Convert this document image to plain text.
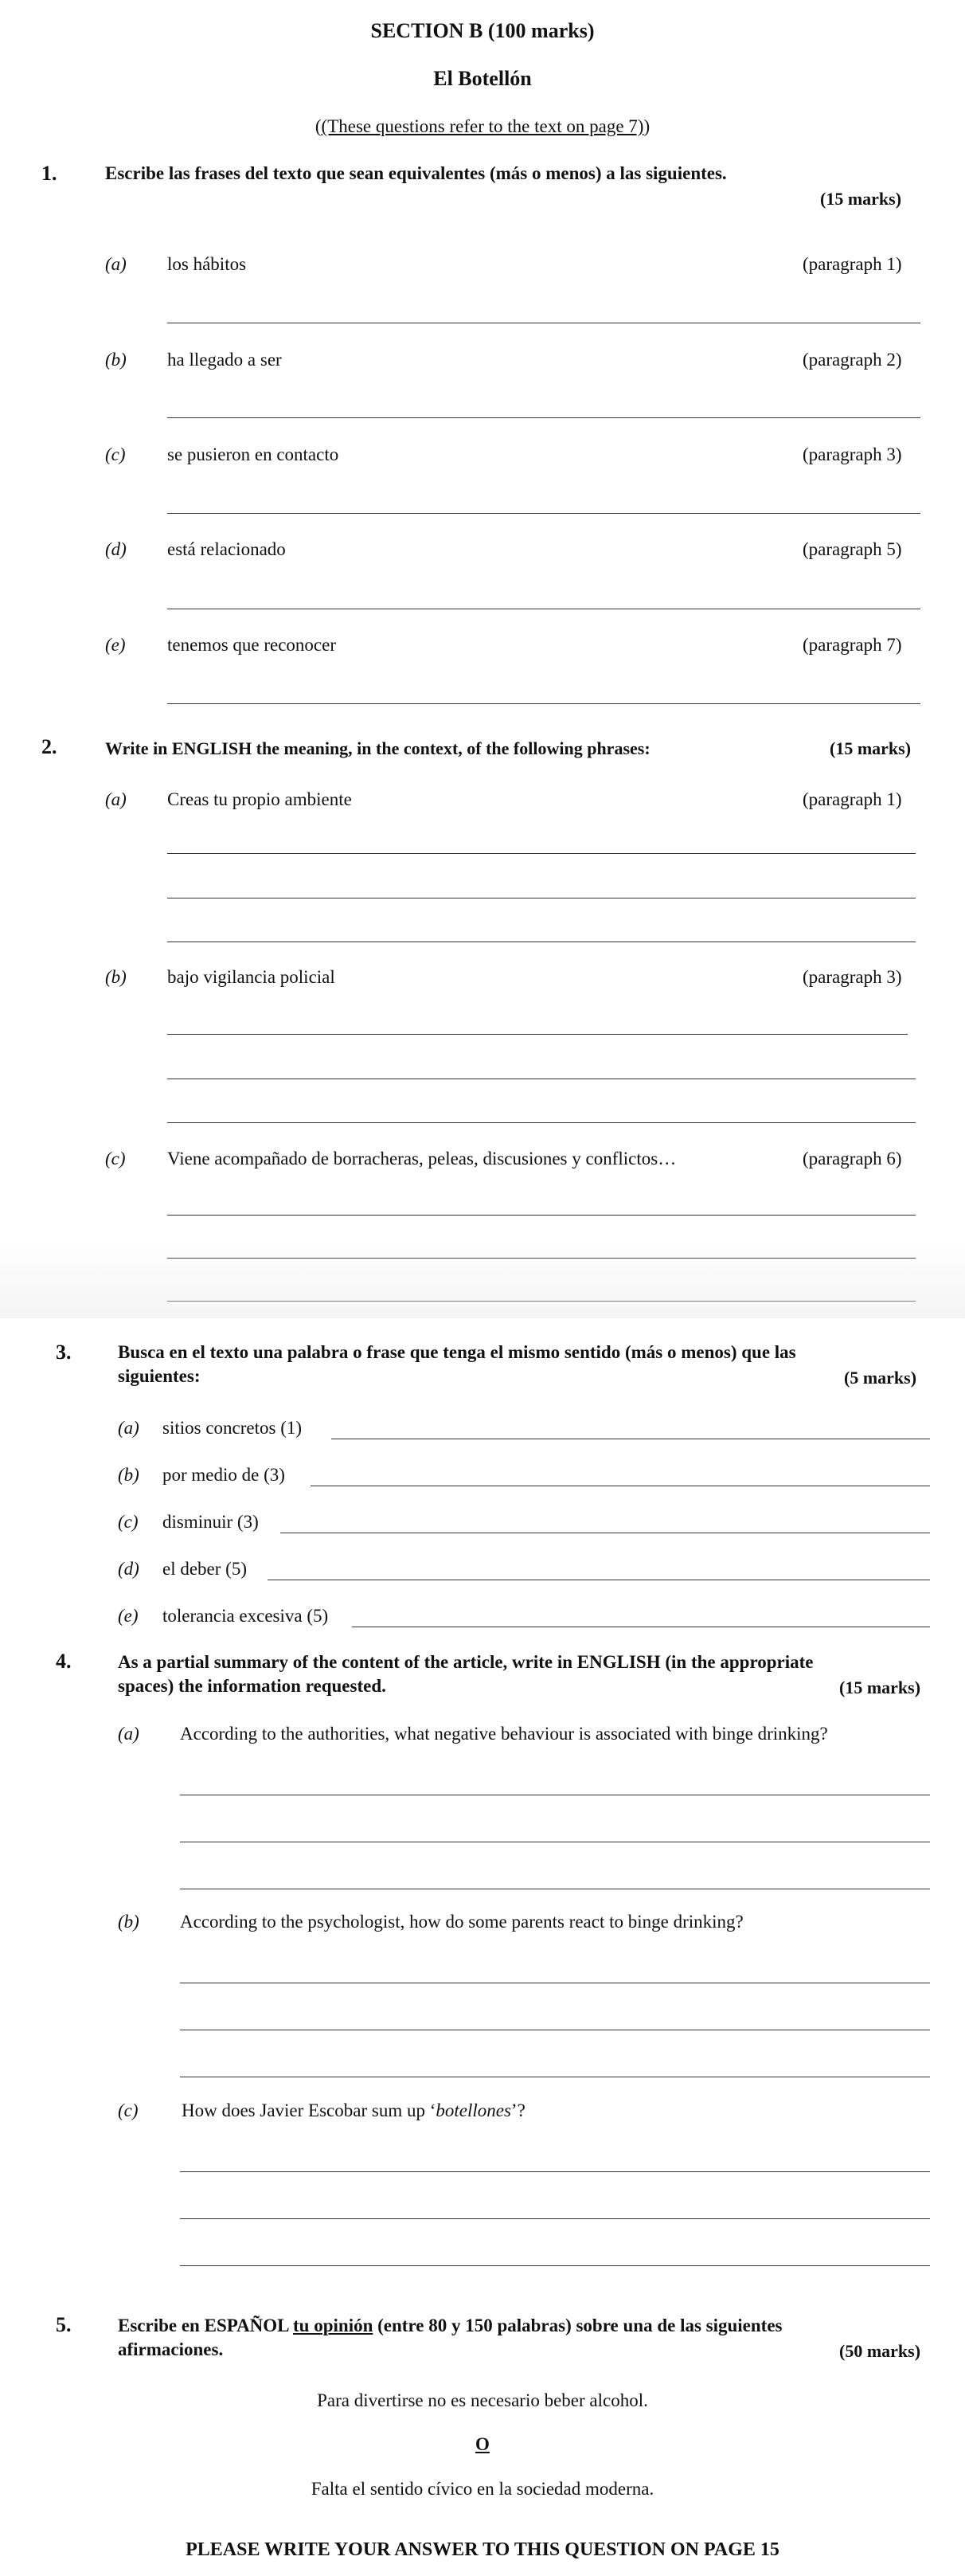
SECTION B (100 marks)
El Botellón
((These questions refer to the text on page 7))
1.	Escribe las frases del texto que sean equivalentes (más o menos) a las siguientes.
(15 marks)
(a) los hábitos	(paragraph 1)
(b) ha llegado a ser	(paragraph 2)
(c) se pusieron en contacto	(paragraph 3)
(d) está relacionado	(paragraph 5)
(e) tenemos que reconocer	(paragraph 7)
2.	Write in ENGLISH the meaning, in the context, of the following phrases:	(15 marks)
(a) Creas tu propio ambiente	(paragraph 1)
(b) bajo vigilancia policial	(paragraph 3)
(c) Viene acompañado de borracheras, peleas, discusiones y conflictos…	(paragraph 6)
3.	Busca en el texto una palabra o frase que tenga el mismo sentido (más o menos) que las
siguientes:	(5 marks)
(a) sitios concretos (1)
(b) por medio de (3)
(c) disminuir (3)
(d) el deber (5)
(e) tolerancia excesiva (5)
4.	As a partial summary of the content of the article, write in ENGLISH (in the appropriate
spaces) the information requested.	(15 marks)
(a) According to the authorities, what negative behaviour is associated with binge drinking?
(b) According to the psychologist, how do some parents react to binge drinking?
(c) How does Javier Escobar sum up ‘botellones’?
5.	Escribe en ESPAÑOL tu opinión (entre 80 y 150 palabras) sobre una de las siguientes
afirmaciones.	(50 marks)
Para divertirse no es necesario beber alcohol.
O
Falta el sentido cívico en la sociedad moderna.
PLEASE WRITE YOUR ANSWER TO THIS QUESTION ON PAGE 15
